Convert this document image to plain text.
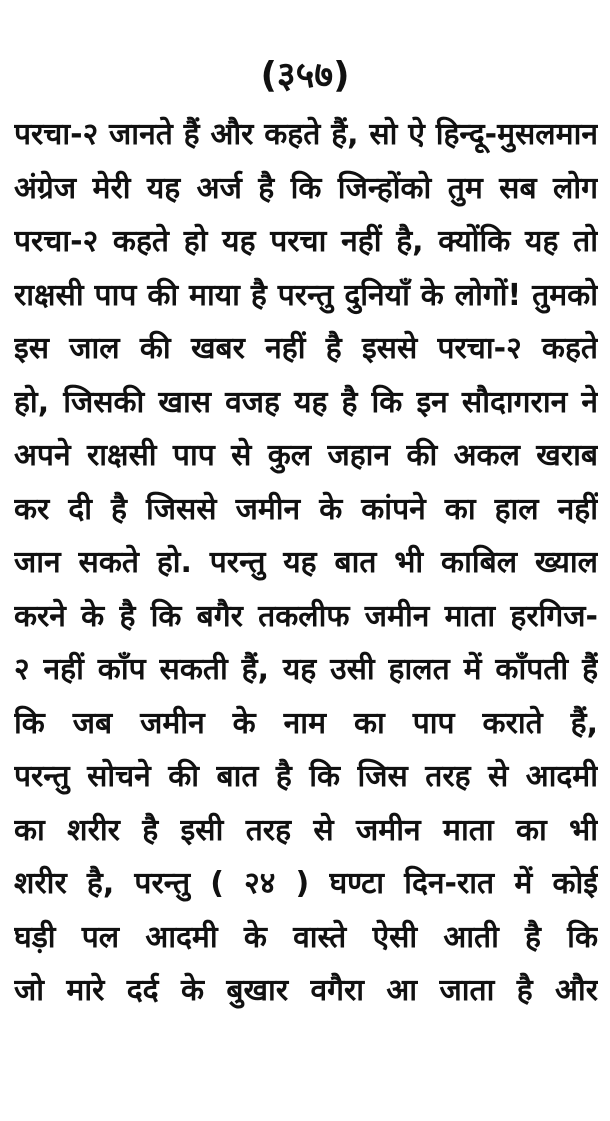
(३५७)
परचा-२ जानते हैं और कहते हैं, सो ऐ हिन्दू-मुसलमान
अंग्रेज मेरी यह अर्ज है कि जिन्होंको तुम सब लोग
परचा-२ कहते हो यह परचा नहीं है, क्योंकि यह तो
राक्षसी पाप की माया है परन्तु दुनियाँ के लोगों! तुमको
इस जाल की खबर नहीं है इससे परचा-२ कहते
हो, जिसकी खास वजह यह है कि इन सौदागरान ने
अपने राक्षसी पाप से कुल जहान की अकल खराब
कर दी है जिससे जमीन के कांपने का हाल नहीं
जान सकते हो. परन्तु यह बात भी काबिल ख्याल
करने के है कि बगैर तकलीफ जमीन माता हरगिज-
२ नहीं काँप सकती हैं, यह उसी हालत में काँपती हैं
कि जब जमीन के नाम का पाप कराते हैं,
परन्तु सोचने की बात है कि जिस तरह से आदमी
का शरीर है इसी तरह से जमीन माता का भी
शरीर है, परन्तु ( २४ ) घण्टा दिन-रात में कोई
घड़ी पल आदमी के वास्ते ऐसी आती है कि
जो मारे दर्द के बुखार वगैरा आ जाता है और
